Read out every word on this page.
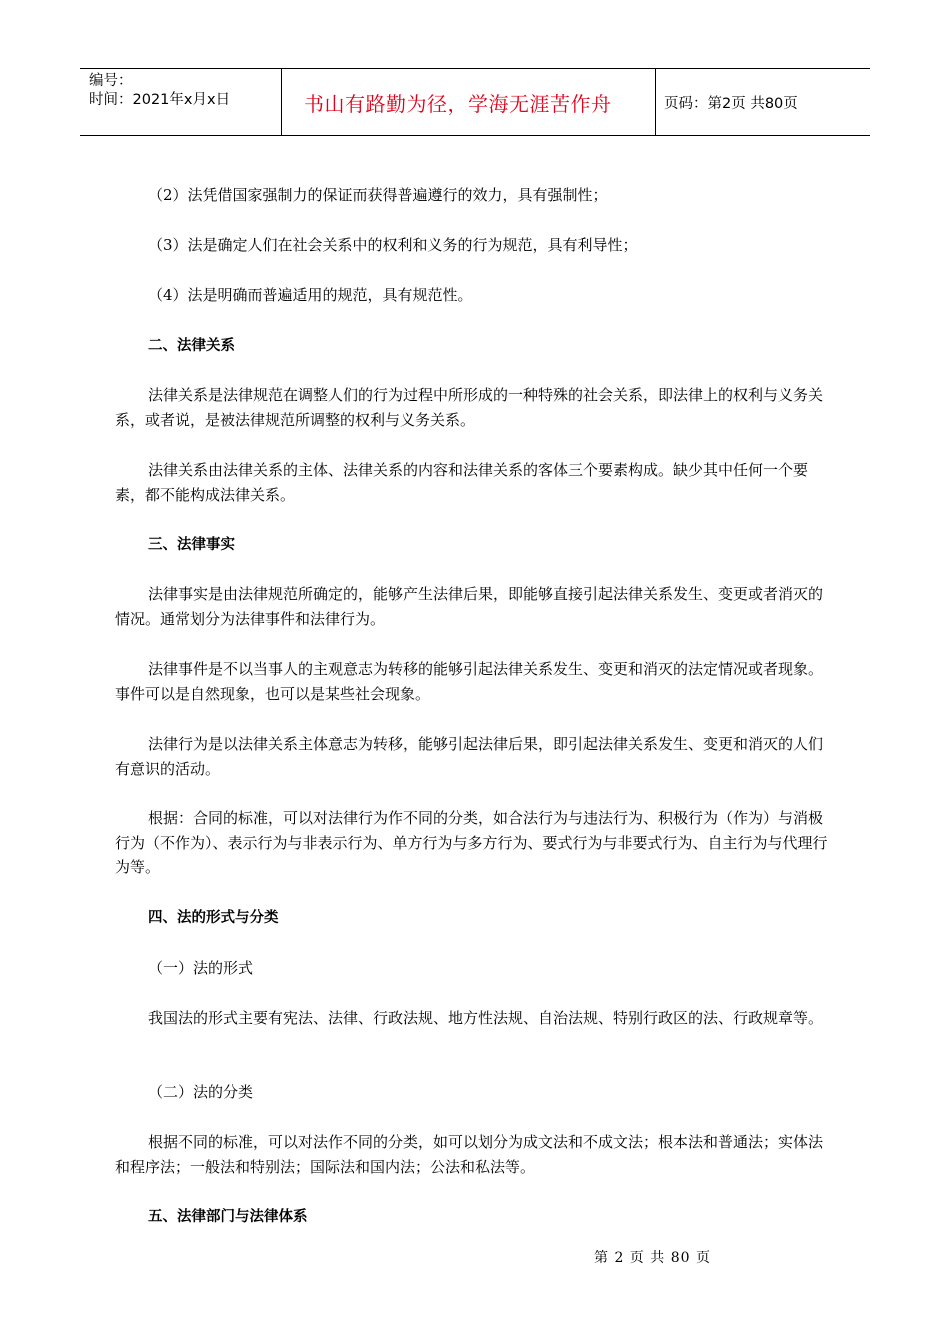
编号：
时间：2021年x月x日	书山有路勤为径，学海无涯苦作舟	页码：第2页 共80页

（2）法凭借国家强制力的保证而获得普遍遵行的效力，具有强制性；

（3）法是确定人们在社会关系中的权利和义务的行为规范，具有利导性；

（4）法是明确而普遍适用的规范，具有规范性。

二、法律关系

法律关系是法律规范在调整人们的行为过程中所形成的一种特殊的社会关系，即法律上的权利与义务关系，或者说，是被法律规范所调整的权利与义务关系。

法律关系由法律关系的主体、法律关系的内容和法律关系的客体三个要素构成。缺少其中任何一个要素，都不能构成法律关系。

三、法律事实

法律事实是由法律规范所确定的，能够产生法律后果，即能够直接引起法律关系发生、变更或者消灭的情况。通常划分为法律事件和法律行为。

法律事件是不以当事人的主观意志为转移的能够引起法律关系发生、变更和消灭的法定情况或者现象。事件可以是自然现象，也可以是某些社会现象。

法律行为是以法律关系主体意志为转移，能够引起法律后果，即引起法律关系发生、变更和消灭的人们有意识的活动。

根据：合同的标准，可以对法律行为作不同的分类，如合法行为与违法行为、积极行为（作为）与消极行为（不作为）、表示行为与非表示行为、单方行为与多方行为、要式行为与非要式行为、自主行为与代理行为等。

四、法的形式与分类

（一）法的形式

我国法的形式主要有宪法、法律、行政法规、地方性法规、自治法规、特别行政区的法、行政规章等。

（二）法的分类

根据不同的标准，可以对法作不同的分类，如可以划分为成文法和不成文法；根本法和普通法；实体法和程序法；一般法和特别法；国际法和国内法；公法和私法等。

五、法律部门与法律体系

第 2 页 共 80 页
